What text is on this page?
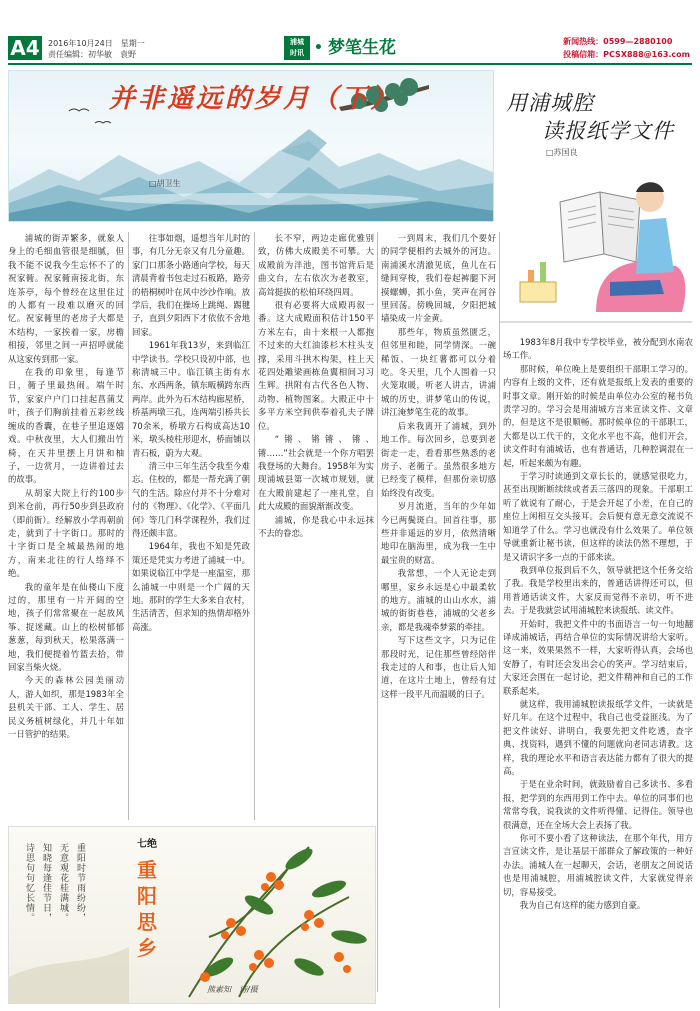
A4 2016年10月24日　星期一
责任编辑：初华敏　袁野
浦城
时讯 • 梦笔生花	新闻热线：0599—2880100
投稿信箱：PCSX888@163.com
并非遥远的岁月（下）
□胡卫生
用浦城腔
读报纸学文件
□苏国良

浦城的街弄繁多，就象人身上的毛细血管很是细腻，但我不能不说我今生忘怀不了的祝家衕。祝家衕南接北街，东连茶亭，每个曾经在这里住过的人都有一段难以磨灭的回忆。祝家衕里的老房子大都是木结构，一家挨着一家，房檐相接，邻里之间一声招呼就能从这家传到那一家。

在我的印象里，每逢节日，衕子里最热闹。端午时节，家家户户门口挂起菖蒲艾叶，孩子们胸前挂着五彩丝线缠成的香囊，在巷子里追逐嬉戏。中秋夜里，大人们搬出竹椅，在天井里摆上月饼和柚子，一边赏月，一边讲着过去的故事。

从胡家大院上行约100步到米仓前，再行50步到县政府（即前衙）。经解放小学再朝前走，就到了十字街口。那时的十字街口是全城最热闹的地方，南来北往的行人络绎不绝。

我的童年是在仙楼山下度过的，那里有一片开阔的空地，孩子们常常聚在一起放风筝、捉迷藏。山上的松树郁郁葱葱，每到秋天，松果落满一地，我们便提着竹篮去拾，带回家当柴火烧。

今天的森林公园美丽动人，游人如织，那是1983年全县机关干部、工人、学生、居民义务植树绿化，并几十年如一日管护的结果。

往事如烟，遥想当年儿时的事，有几分无奈又有几分童趣。家门口那条小路通向学校，每天清晨背着书包走过石板路，路旁的梧桐树叶在风中沙沙作响。放学后，我们在操场上跳绳、踢毽子，直到夕阳西下才依依不舍地回家。

1961年我13岁，来到临江中学读书。学校只设初中部，也称清城三中。临江镇主街有水东、水西两条，镇东畈横跨东西两岸。此外为石木结构廊屋桥，桥基两墩三孔，连两端引桥共长70余米，桥墩方石构成高达10米，墩头棱柱形迎水，桥面铺以青石板，蔚为大观。

清三中三年生活令我至今难忘。住校的，都是一帮充满了朝气的生活。除应付并不十分难对付的《物理》、《化学》、《平面几何》等几门科学课程外，我们过得还颇丰富。

1964年，我也不知是凭政策还是凭实力考进了浦城一中。如果说临江中学是一座温室，那么浦城一中则是一个广阔的天地。那时的学生大多来自农村，生活清苦，但求知的热情却格外高涨。

长不窄，两边走廊优雅别致，仿佛大成殿美不可攀。大成殿前为泮池，图书馆背后是曲文台，左右依次为老教室，高耸挺拔的松柏环绕四周。

很有必要将大成殿再叙一番。这大成殿面积估计150平方米左右，由十来根一人都抱不过来的大红油漆杉木柱头支撑，采用斗拱木构架，柱上天花四处雕梁画栋鱼翼相间习习生辉。拱附有古代各色人物、动物、植物图案。大殿正中十多平方米空间供奉着孔夫子牌位。

“锵、锵锵、锵、锵……”社会就是一个你方唱罢我登场的大舞台。1958年为实现浦城县第一次城市规划，就在大殿前建起了一座礼堂，自此大成殿的面貌渐渐改变。

浦城，你是我心中永远抹不去的眷恋。

一到周末，我们几个要好的同学便相约去城外的河边。南浦溪水清澈见底，鱼儿在石缝间穿梭，我们卷起裤腿下河摸螺蛳，抓小鱼，笑声在河谷里回荡。傍晚回城，夕阳把城墙染成一片金黄。

那些年，物质虽然匮乏，但邻里和睦，同学情深。一碗稀饭、一块红薯都可以分着吃。冬天里，几个人围着一只火笼取暖，听老人讲古，讲浦城的历史，讲梦笔山的传说，讲江淹梦笔生花的故事。

后来我离开了浦城，到外地工作。每次回乡，总要到老街走一走，看看那些熟悉的老房子、老衕子。虽然很多地方已经变了模样，但那份亲切感始终没有改变。

岁月流逝，当年的少年如今已两鬓斑白。回首往事，那些并非遥远的岁月，依然清晰地印在脑海里，成为我一生中最宝贵的财富。

我常想，一个人无论走到哪里，家乡永远是心中最柔软的地方。浦城的山山水水，浦城的街街巷巷，浦城的父老乡亲，都是我魂牵梦萦的牵挂。

写下这些文字，只为记住那段时光，记住那些曾经陪伴我走过的人和事，也让后人知道，在这片土地上，曾经有过这样一段平凡而温暖的日子。

1983年8月我中专学校毕业，被分配到水南农场工作。

那时候，单位晚上是要组织干部职工学习的。内容有上级的文件，还有就是报纸上发表的重要的时事文章。刚开始的时候是由单位办公室的秘书负责学习的。学习会是用浦城方言来宣读文件、文章的，但是这不是很顺畅。那时候单位的干部职工，大都是以工代干的，文化水平也不高，他们开会，读文件时有浦城话，也有普通话，几种腔调混在一起，听起来颇为有趣。

于学习时读通到文章长长的，就感觉很吃力，甚至出现断断续续或者丢三落四的现象。干部职工听了就说有了耐心，于是会开起了小差，在自己的座位上闲相互交头接耳。会后便有意无意交流说不知道学了什么。学习也就没有什么效果了。单位领导就重新让秘书读，但这样的读法仍然不理想，于是又请识字多一点的干部来读。

我到单位报到后不久，领导就把这个任务交给了我。我是学校里出来的，普通话讲得还可以，但用普通话读文件，大家反而觉得不亲切，听不进去。于是我就尝试用浦城腔来读报纸、读文件。

开始时，我把文件中的书面语言一句一句地翻译成浦城话，再结合单位的实际情况讲给大家听。这一来，效果果然不一样，大家听得认真，会场也安静了，有时还会发出会心的笑声。学习结束后，大家还会围在一起讨论，把文件精神和自己的工作联系起来。

就这样，我用浦城腔读报纸学文件，一读就是好几年。在这个过程中，我自己也受益匪浅。为了把文件读好、讲明白，我要先把文件吃透，查字典、找资料，遇到不懂的问题就向老同志请教。这样，我的理论水平和语言表达能力都有了很大的提高。

于是在业余时间，就鼓励着自己多读书、多看报，把学到的东西用到工作中去。单位的同事们也常常夸我，说我读的文件听得懂、记得住。领导也很满意，还在全场大会上表扬了我。

你可不要小看了这种读法，在那个年代，用方言宣读文件，是让基层干部群众了解政策的一种好办法。浦城人在一起聊天，会话，老朋友之间说话也是用浦城腔，用浦城腔读文件，大家就觉得亲切，容易接受。

我为自己有这样的能力感到自豪。

重阳时节雨纷纷，
无意观花桂满城。
知晓每逢佳节日，
诗思句句忆长情。	七绝
重阳思乡
熊素知　诗/摄
